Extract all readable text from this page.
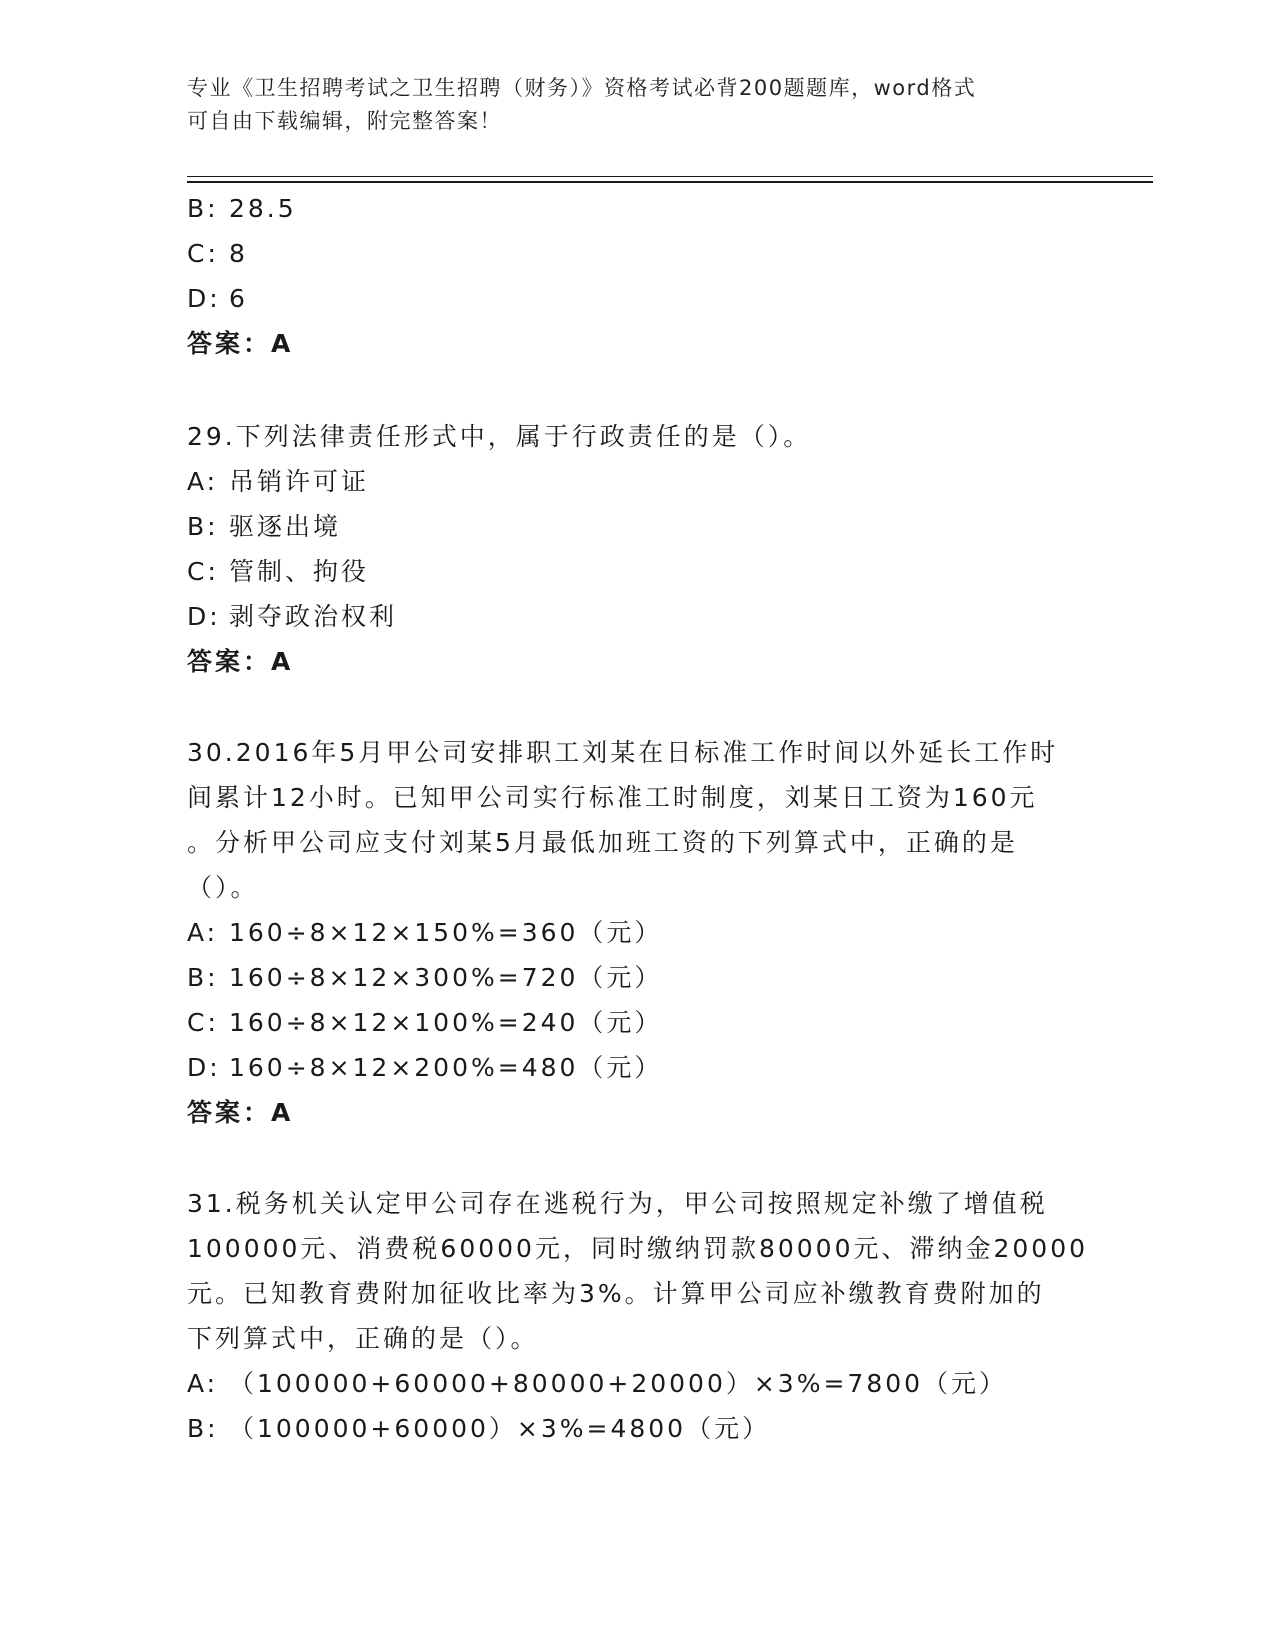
专业《卫生招聘考试之卫生招聘（财务）》资格考试必背200题题库，word格式
可自由下载编辑，附完整答案！
B: 28.5
C: 8
D: 6
答案：A
29.下列法律责任形式中，属于行政责任的是（）。
A: 吊销许可证
B: 驱逐出境
C: 管制、拘役
D: 剥夺政治权利
答案：A
30.2016年5月甲公司安排职工刘某在日标准工作时间以外延长工作时
间累计12小时。已知甲公司实行标准工时制度，刘某日工资为160元
。分析甲公司应支付刘某5月最低加班工资的下列算式中，正确的是
（）。
A: 160÷8×12×150%=360（元）
B: 160÷8×12×300%=720（元）
C: 160÷8×12×100%=240（元）
D: 160÷8×12×200%=480（元）
答案：A
31.税务机关认定甲公司存在逃税行为，甲公司按照规定补缴了增值税
100000元、消费税60000元，同时缴纳罚款80000元、滞纳金20000
元。已知教育费附加征收比率为3%。计算甲公司应补缴教育费附加的
下列算式中，正确的是（）。
A: （100000+60000+80000+20000）×3%=7800（元）
B: （100000+60000）×3%=4800（元）
